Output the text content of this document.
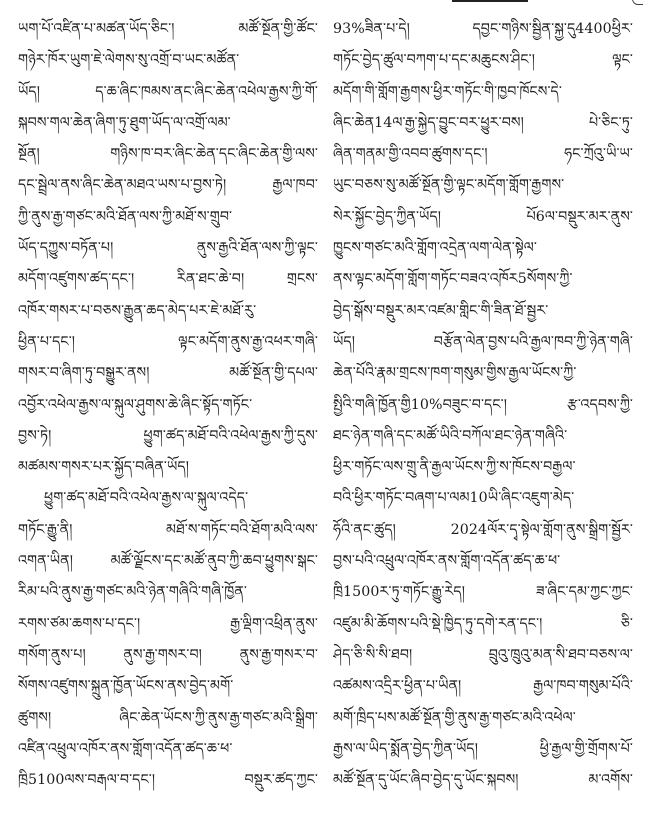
ཡག་པོ་འཛིན་པ་མཚན་ཡོད་ཅིང་། མཚོ་སྔོན་གྱི་ཚོང་
གཉེར་ཁོར་ཡུག་ཇེ་ལེགས་སུ་འགྲོ་བ་ཡང་མཚོན་
ཡོད། ད་ཆ་ཞིང་ཁམས་ནང་ཞིང་ཆེན་འཕེལ་རྒྱས་ཀྱི་གོ་
སྐབས་གལ་ཆེན་ཞིག་ཏུ་ཐུག་ཡོད་ལ་འགྲོ་ལམ་
སྔོན། གཉིས་ཁ་བར་ཞིང་ཆེན་དང་ཞིང་ཆེན་གྱི་ལས་
དང་སྦྲེལ་ནས་ཞིང་ཆེན་མཐའ་ཡས་པ་བྱས་ཏེ། རྒྱལ་ཁབ་
ཀྱི་ནུས་རྒྱ་གཙང་མའི་ཐོན་ལས་ཀྱི་མཐོ་ས་གྲུབ་
ཡོད་དཀྱུས་བཏོན་པ། ནུས་རྒྱའི་ཐོན་ལས་ཀྱི་ལྟང་
མདོག་འཛུགས་ཚད་དང་། རིན་ཐང་ཆེ་བ། གྲངས་
འཁོར་གསར་པ་བཅས་རྒྱུན་ཆད་མེད་པར་ཇེ་མཐོ་རུ་
ཕྱིན་པ་དང་། ལྟང་མདོག་ནུས་རྒྱ་འཕར་གཞི་
གསར་བ་ཞིག་ཏུ་བསྒྱུར་ནས། མཚོ་སྔོན་གྱི་དཔལ་
འབྱོར་འཕེལ་རྒྱས་ལ་སྐུལ་ཤུགས་ཆེ་ཞིང་སྟོད་གཏོང་
བྱས་ཏེ། ཕྱུག་ཚད་མཐོ་བའི་འཕེལ་རྒྱས་ཀྱི་དུས་
མཚམས་གསར་པར་སྐྱོད་བཞིན་ཡོད།
ཕྱུག་ཚད་མཐོ་བའི་འཕེལ་རྒྱས་ལ་སྐུལ་འདེད་
གཏོང་རྒྱུ་ནི། མཐོ་ས་གཏོང་བའི་ཐོག་མའི་ལས་
འགན་ཡིན། མཚོ་ལྗོངས་དང་མཚོ་ནུབ་ཀྱི་ཆབ་ཕྱུགས་སྒང་
རིམ་པའི་ནུས་རྒྱ་གཙང་མའི་ཉེན་གཞིའི་གཞི་ཁྱོན་
རགས་ཙམ་ཆགས་པ་དང་། རྒྱ་ལྡིག་འཕྲིན་ནུས་
གསོག་ནུས་པ། ནུས་རྒྱ་གསར་བ། ནུས་རྒྱ་གསར་བ་
སོགས་འཛུགས་སྐྲུན་ཁྱོན་ཡོངས་ནས་བྱེད་མགོ་
ཚུགས། ཞིང་ཆེན་ཡོངས་ཀྱི་ནུས་རྒྱ་གཙང་མའི་སྒྲིག་
འཛིན་འཕྲུལ་འཁོར་ནས་གློག་འདོན་ཚད་ཆ་ཕ་
ཁྲི5100ལས་བརྒལ་བ་དང་། བསྡུར་ཚད་ཀྱང་
93%ཟིན་པ་དེ། དབྱང་གཉིས་སྦྱིན་སྐྱ་དུ4400ཕྱིར་
གཏོང་བྱེད་ཚུལ་བཀག་པ་དང་མཆུངས་ཤིང་། ལྟང་
མདོག་གི་གློག་རྒྱགས་ཕྱིར་གཏོང་གི་ཁྱབ་ཁོངས་དེ་
ཞིང་ཆེན14ལ་རྒྱ་སྐྱེད་བྱུང་བར་ཕྱུར་བས། པེ་ཅིང་ཏུ་
ཞིན་གནམ་གྱི་འབབ་ཚུགས་དང་། ཧང་ཀྲོའུ་ཡི་ཡ་
ཡུང་བཅས་སུ་མཚོ་སྔོན་གྱི་ལྟང་མདོག་གློག་རྒྱགས་
སེར་སྐྱོང་བྱེད་ཀྱིན་ཡོད། པོ6ལ་བསྡུར་མར་ནུས་
ཁྱུངས་གཙང་མའི་གློག་འདྲེན་ལག་ལེན་སྟེལ་
ནས་ལྟང་མདོག་གློག་གཏོང་བཟའ་འཁོར5སོགས་ཀྱི་
བྱེད་སྒོས་བསྡུར་མར་འཛམ་གླིང་གི་ཟིན་ཐོ་སྦྱར་
ཡོད། བརྩོན་ལེན་བྱས་པའི་རྒྱལ་ཁབ་ཀྱི་ཉེན་གཞི་
ཆེན་པོའི་རྣམ་གྲངས་ཁག་གསུམ་གྱིས་རྒྱལ་ཡོངས་ཀྱི་
སྤྱིའི་གཞི་ཁྱོན་གྱི10%བཟུང་བ་དང་། རྩ་འདབས་ཀྱི་
ཐང་ཉེན་གཞི་དང་མཚོ་ཡིའི་བཀོལ་ཐང་ཉེན་གཞིའི་
ཕྱིར་གཏོང་ལས་གྲུ་ནི་རྒྱལ་ཡོངས་ཀྱི་ས་ཁོངས་བརྒྱལ་
བའི་ཕྱིར་གཏོང་བཞག་པ་ལམ10ཡི་ཞིང་འཇུག་མེད་
ཧོའི་ནང་ཚུད། 2024ལོར་དྭ་སྟེལ་གློག་ནུས་སྒྲིག་སྦྱོར་
བྱས་པའི་འཕྲུལ་འཁོར་ནས་གློག་འདོན་ཚད་ཆ་ཕ་
ཁྲི1500ར་ཏུ་གཏོང་རྒྱུ་རེད། ཟ་ཞིང་དམ་ཀྱང་ཀྱང་
འཛུམ་མི་ཆོགས་པའི་སྡེ་ཁྱིད་ཏུ་དགེ་རན་དང་། ཅི་
ཤེད་ཅི་སི་སི་ཐབ། བྲུའུ་ཁྲུའུ་མན་སི་ཐབ་བཅས་ལ་
འཚམས་འདྲིར་ཕྱིན་པ་ཡིན། རྒྱལ་ཁབ་གསུམ་པོའི་
མགོ་ཁྲིད་པས་མཚོ་སྔོན་གྱི་ནུས་རྒྱ་གཙང་མའི་འཕེལ་
རྒྱས་ལ་ཡིད་སྨོན་བྱེད་ཀྱིན་ཡོད། ཕྱི་རྒྱལ་གྱི་གྲོགས་པོ་
མཚོ་སྔོན་དུ་ཡོང་ཞིབ་བྱེད་དུ་ཡོང་སྐབས། མ་འགོས་
